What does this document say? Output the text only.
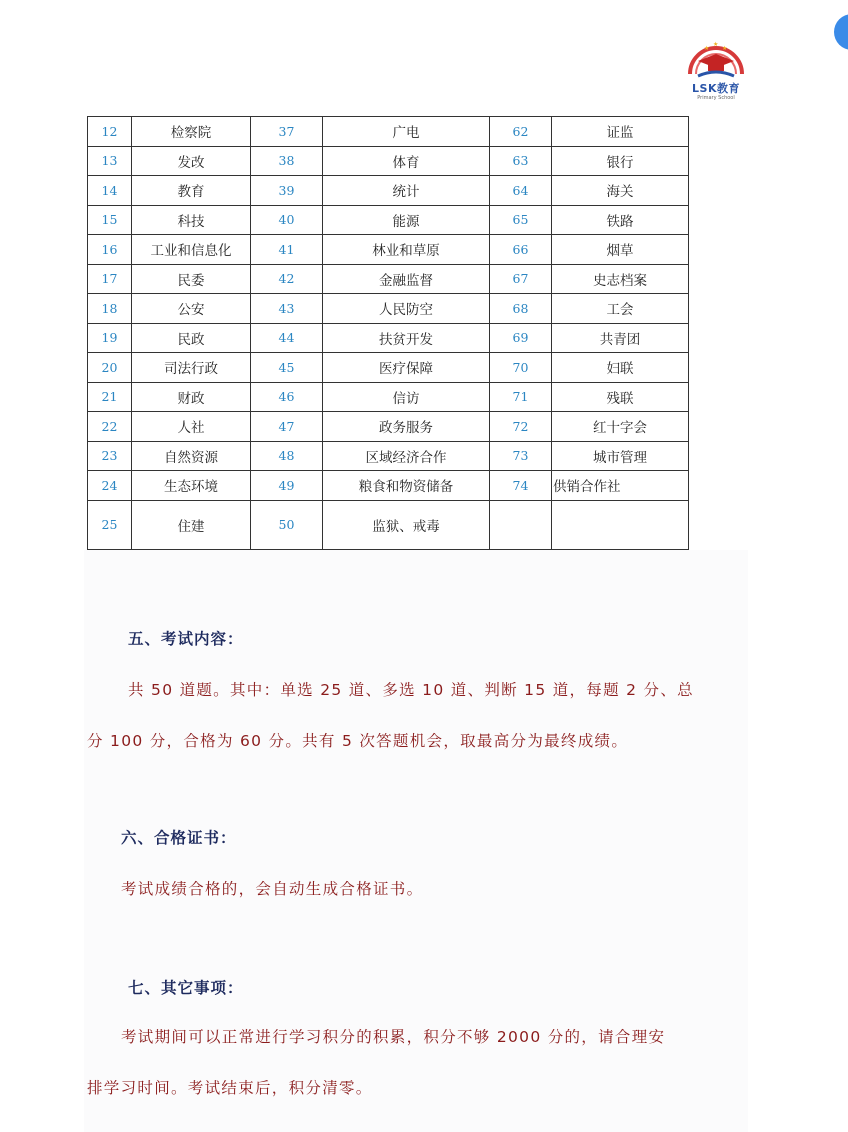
★
★
★
LSK教育
Primary School
12	检察院	37	广电	62	证监
13	发改	38	体育	63	银行
14	教育	39	统计	64	海关
15	科技	40	能源	65	铁路
16	工业和信息化	41	林业和草原	66	烟草
17	民委	42	金融监督	67	史志档案
18	公安	43	人民防空	68	工会
19	民政	44	扶贫开发	69	共青团
20	司法行政	45	医疗保障	70	妇联
21	财政	46	信访	71	残联
22	人社	47	政务服务	72	红十字会
23	自然资源	48	区域经济合作	73	城市管理
24	生态环境	49	粮食和物资储备	74	供销合作社
25	住建	50	监狱、戒毒		
五、考试内容：
共 50 道题。其中：单选 25 道、多选 10 道、判断 15 道，每题 2 分、总
分 100 分，合格为 60 分。共有 5 次答题机会，取最高分为最终成绩。
六、合格证书：
考试成绩合格的，会自动生成合格证书。
七、其它事项：
考试期间可以正常进行学习积分的积累，积分不够 2000 分的，请合理安
排学习时间。考试结束后，积分清零。
